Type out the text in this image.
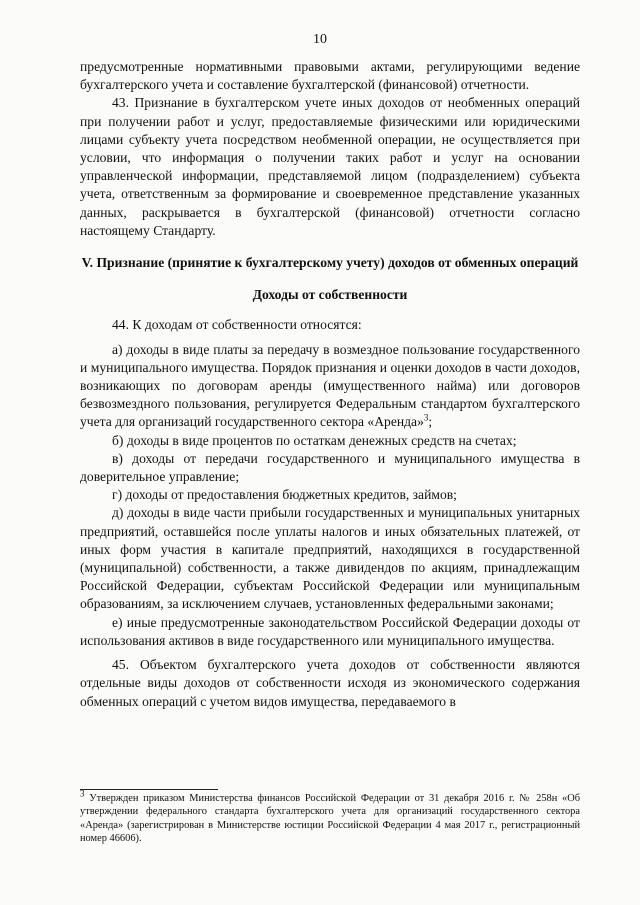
10

предусмотренные нормативными правовыми актами, регулирующими ведение бухгалтерского учета и составление бухгалтерской (финансовой) отчетности.

43. Признание в бухгалтерском учете иных доходов от необменных операций при получении работ и услуг, предоставляемые физическими или юридическими лицами субъекту учета посредством необменной операции, не осуществляется при условии, что информация о получении таких работ и услуг на основании управленческой информации, представляемой лицом (подразделением) субъекта учета, ответственным за формирование и своевременное представление указанных данных, раскрывается в бухгалтерской (финансовой) отчетности согласно настоящему Стандарту.

V. Признание (принятие к бухгалтерскому учету) доходов от обменных операций

Доходы от собственности

44. К доходам от собственности относятся:

а) доходы в виде платы за передачу в возмездное пользование государственного и муниципального имущества. Порядок признания и оценки доходов в части доходов, возникающих по договорам аренды (имущественного найма) или договоров безвозмездного пользования, регулируется Федеральным стандартом бухгалтерского учета для организаций государственного сектора «Аренда»$^3$;

б) доходы в виде процентов по остаткам денежных средств на счетах;

в) доходы от передачи государственного и муниципального имущества в доверительное управление;

г) доходы от предоставления бюджетных кредитов, займов;

д) доходы в виде части прибыли государственных и муниципальных унитарных предприятий, оставшейся после уплаты налогов и иных обязательных платежей, от иных форм участия в капитале предприятий, находящихся в государственной (муниципальной) собственности, а также дивидендов по акциям, принадлежащим Российской Федерации, субъектам Российской Федерации или муниципальным образованиям, за исключением случаев, установленных федеральными законами;

е) иные предусмотренные законодательством Российской Федерации доходы от использования активов в виде государственного или муниципального имущества.

45. Объектом бухгалтерского учета доходов от собственности являются отдельные виды доходов от собственности исходя из экономического содержания обменных операций с учетом видов имущества, передаваемого в

$^3$ Утвержден приказом Министерства финансов Российской Федерации от 31 декабря 2016 г. № 258н «Об утверждении федерального стандарта бухгалтерского учета для организаций государственного сектора «Аренда» (зарегистрирован в Министерстве юстиции Российской Федерации 4 мая 2017 г., регистрационный номер 46606).
